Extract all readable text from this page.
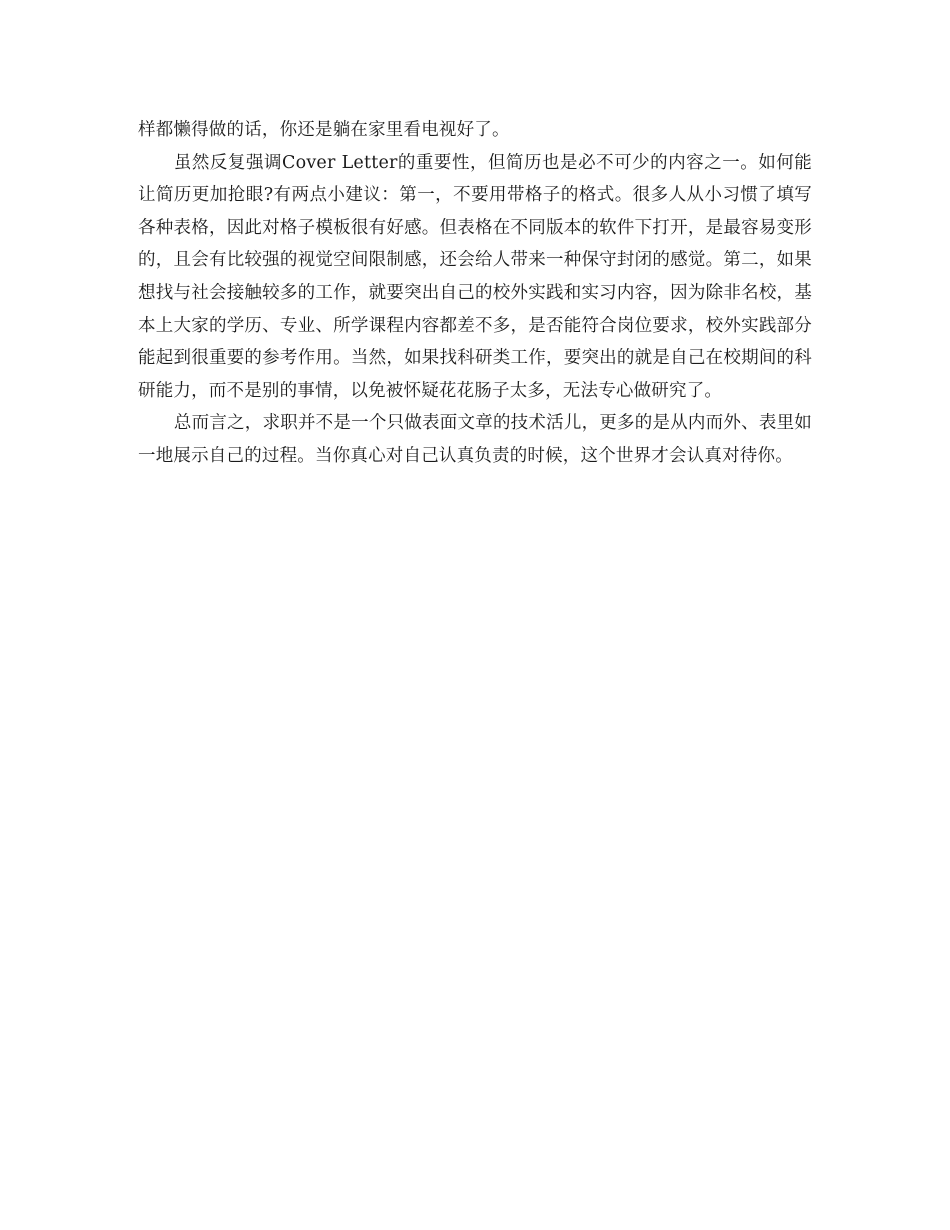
样都懒得做的话，你还是躺在家里看电视好了。

虽然反复强调Cover Letter的重要性，但简历也是必不可少的内容之一。如何能让简历更加抢眼?有两点小建议：第一，不要用带格子的格式。很多人从小习惯了填写各种表格，因此对格子模板很有好感。但表格在不同版本的软件下打开，是最容易变形的，且会有比较强的视觉空间限制感，还会给人带来一种保守封闭的感觉。第二，如果想找与社会接触较多的工作，就要突出自己的校外实践和实习内容，因为除非名校，基本上大家的学历、专业、所学课程内容都差不多，是否能符合岗位要求，校外实践部分能起到很重要的参考作用。当然，如果找科研类工作，要突出的就是自己在校期间的科研能力，而不是别的事情，以免被怀疑花花肠子太多，无法专心做研究了。

总而言之，求职并不是一个只做表面文章的技术活儿，更多的是从内而外、表里如一地展示自己的过程。当你真心对自己认真负责的时候，这个世界才会认真对待你。
